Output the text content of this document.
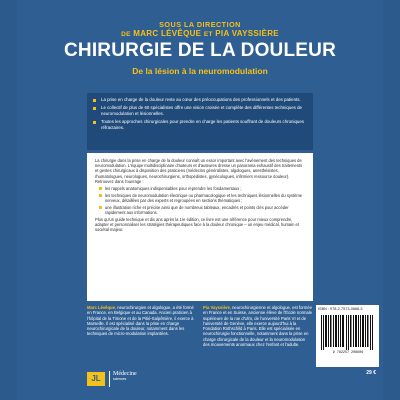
SOUS LA DIRECTION
DE MARC LÉVÊQUE ET PIA VAYSSIÈRE
CHIRURGIE DE LA DOULEUR
De la lésion à la neuromodulation
La prise en charge de la douleur reste au cœur des préoccupations des professionnels et des patients.
Le collectif de plus de 60 spécialistes offre une vision croisée et complète des différentes techniques de neuromodulation et lésionnelles.
Toutes les approches chirurgicales pour prendre en charge les patients souffrant de douleurs chroniques réfractaires.

La chirurgie dans la prise en charge de la douleur connaît un essor important avec l'avènement des techniques de neuromodulation. L'équipe multidisciplinaire d'auteurs et d'auteures dresse un panorama exhaustif des traitements et gestes chirurgicaux à disposition des praticiens (médecins généralistes, algologues, anesthésistes, rhumatologues, neurologues, neurochirurgiens, orthopédistes, gynécologues, infirmiers ressource douleur). Retrouvez dans l'ouvrage :

les rappels anatomiques indispensables pour reprendre les fondamentaux ;
les techniques de neuromodulation électrique ou pharmacologique et les techniques lésionnelles du système nerveux, détaillées par des experts et regroupées en sections thématiques ;
une illustration riche et précise ainsi que de nombreux tableaux, encadrés et points clés pour accéder rapidement aux informations.

Plus qu'un guide technique et dix ans après la 1re édition, ce livre est une référence pour mieux comprendre, adapter et personnaliser les stratégies thérapeutiques face à la douleur chronique – un enjeu médical, humain et sociétal majeur.

Marc Lévêque, neurochirurgien et algologue, a été formé en France, en Belgique et au Canada. Ancien praticien à l'hôpital de la Timone et de la Pitié-Salpêtrière, il exerce à Marseille. Il est spécialisé dans la prise en charge neurochirurgicale de la douleur, notamment dans les techniques de micro-modulation implantées.
Pia Vayssière, neurochirurgienne et algologue, est formée en France et en Suisse, ancienne élève de l'École normale supérieure de la rue d'Ulm, de l'université Paris VI et de l'université de Genève, elle exerce aujourd'hui à la Fondation Rothschild à Paris. Elle est spécialisée en neurochirurgie fonctionnelle, notamment dans la prise en charge chirurgicale de la douleur et la neuromodulation des mouvements anormaux chez l'enfant et l'adulte.
ISBN : 978-2-7573-0668-3
9 782257 206606
29 €
JL	Médecine
sciences
